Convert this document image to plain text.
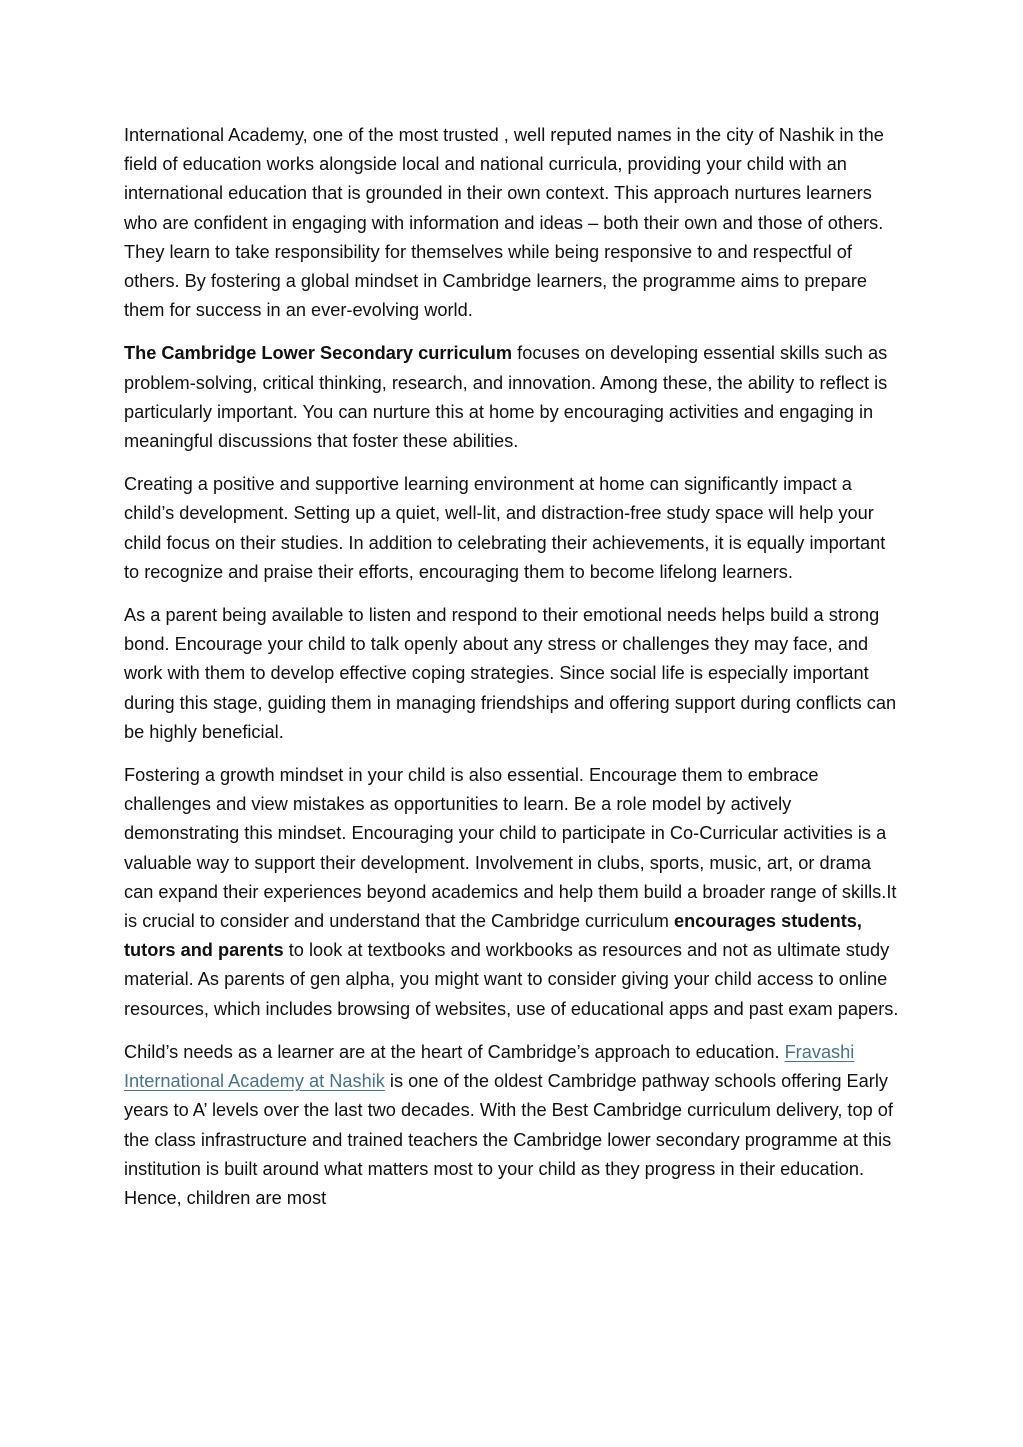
International Academy, one of the most trusted , well reputed names in the city of Nashik in the field of education works alongside local and national curricula, providing your child with an international education that is grounded in their own context. This approach nurtures learners who are confident in engaging with information and ideas – both their own and those of others. They learn to take responsibility for themselves while being responsive to and respectful of others. By fostering a global mindset in Cambridge learners, the programme aims to prepare them for success in an ever-evolving world.

The Cambridge Lower Secondary curriculum focuses on developing essential skills such as problem-solving, critical thinking, research, and innovation. Among these, the ability to reflect is particularly important. You can nurture this at home by encouraging activities and engaging in meaningful discussions that foster these abilities.

Creating a positive and supportive learning environment at home can significantly impact a child’s development. Setting up a quiet, well-lit, and distraction-free study space will help your child focus on their studies. In addition to celebrating their achievements, it is equally important to recognize and praise their efforts, encouraging them to become lifelong learners.

As a parent being available to listen and respond to their emotional needs helps build a strong bond. Encourage your child to talk openly about any stress or challenges they may face, and work with them to develop effective coping strategies. Since social life is especially important during this stage, guiding them in managing friendships and offering support during conflicts can be highly beneficial.

Fostering a growth mindset in your child is also essential. Encourage them to embrace challenges and view mistakes as opportunities to learn. Be a role model by actively demonstrating this mindset. Encouraging your child to participate in Co-Curricular activities is a valuable way to support their development. Involvement in clubs, sports, music, art, or drama can expand their experiences beyond academics and help them build a broader range of skills.It is crucial to consider and understand that the Cambridge curriculum encourages students, tutors and parents to look at textbooks and workbooks as resources and not as ultimate study material. As parents of gen alpha, you might want to consider giving your child access to online resources, which includes browsing of websites, use of educational apps and past exam papers.

Child’s needs as a learner are at the heart of Cambridge’s approach to education. Fravashi International Academy at Nashik is one of the oldest Cambridge pathway schools offering Early years to A’ levels over the last two decades. With the Best Cambridge curriculum delivery, top of the class infrastructure and trained teachers the Cambridge lower secondary programme at this institution is built around what matters most to your child as they progress in their education. Hence, children are most
